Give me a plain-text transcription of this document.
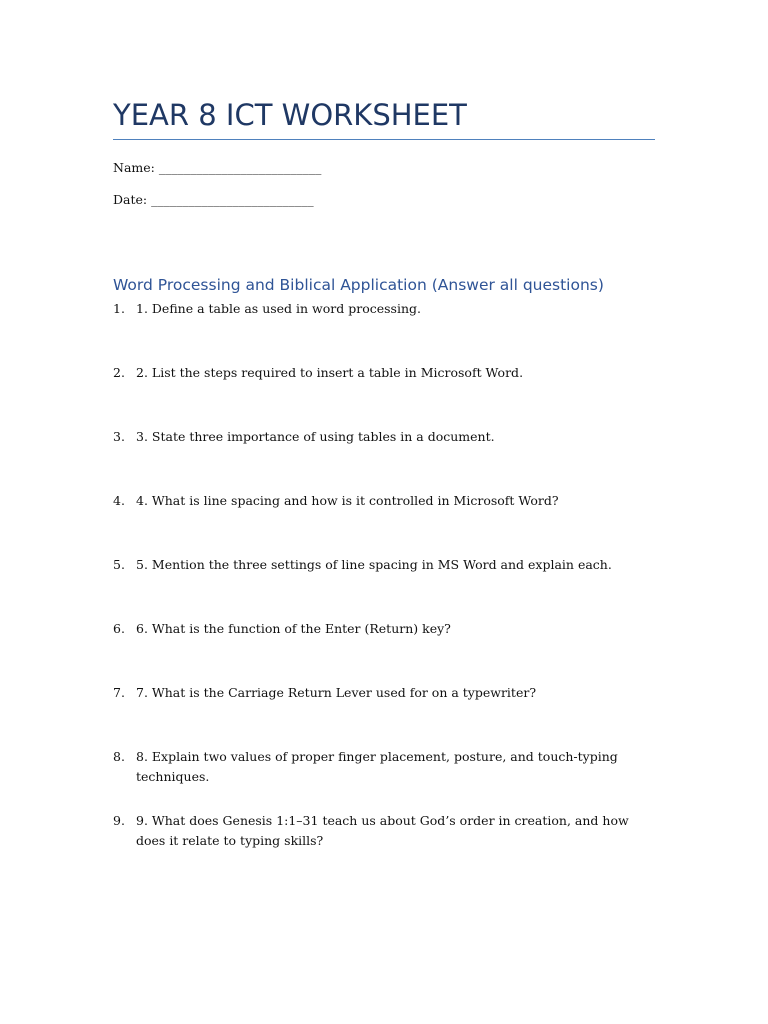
YEAR 8 ICT WORKSHEET
Name: __________________________
Date: __________________________
Word Processing and Biblical Application (Answer all questions)
1. 1. Define a table as used in word processing.
2. 2. List the steps required to insert a table in Microsoft Word.
3. 3. State three importance of using tables in a document.
4. 4. What is line spacing and how is it controlled in Microsoft Word?
5. 5. Mention the three settings of line spacing in MS Word and explain each.
6. 6. What is the function of the Enter (Return) key?
7. 7. What is the Carriage Return Lever used for on a typewriter?
8. 8. Explain two values of proper finger placement, posture, and touch-typing techniques.
9. 9. What does Genesis 1:1–31 teach us about God’s order in creation, and how does it relate to typing skills?
